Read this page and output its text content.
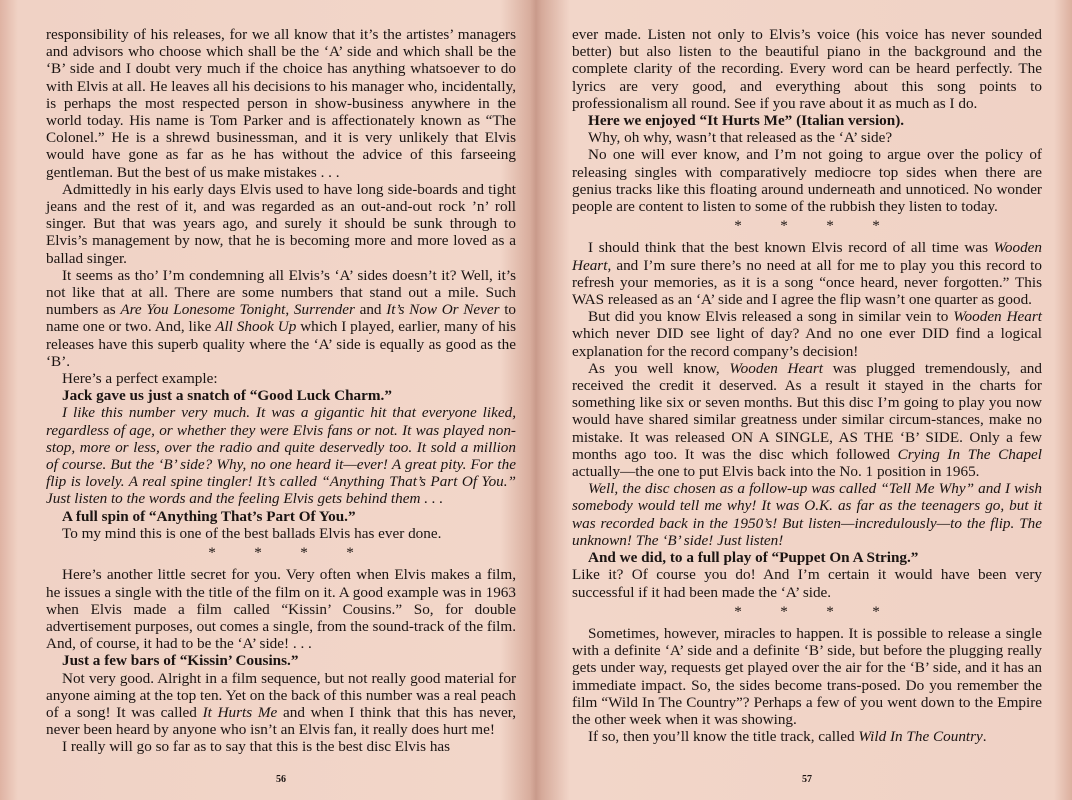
responsibility of his releases, for we all know that it’s the artistes’ managers and advisors who choose which shall be the ‘A’ side and which shall be the ‘B’ side and I doubt very much if the choice has anything whatsoever to do with Elvis at all. He leaves all his decisions to his manager who, incidentally, is perhaps the most respected person in show-business anywhere in the world today. His name is Tom Parker and is affectionately known as “The Colonel.” He is a shrewd businessman, and it is very unlikely that Elvis would have gone as far as he has without the advice of this farseeing gentleman. But the best of us make mistakes . . .

Admittedly in his early days Elvis used to have long side-boards and tight jeans and the rest of it, and was regarded as an out-and-out rock ’n’ roll singer. But that was years ago, and surely it should be sunk through to Elvis’s management by now, that he is becoming more and more loved as a ballad singer.

It seems as tho’ I’m condemning all Elvis’s ‘A’ sides doesn’t it? Well, it’s not like that at all. There are some numbers that stand out a mile. Such numbers as Are You Lonesome Tonight, Surrender and It’s Now Or Never to name one or two. And, like All Shook Up which I played, earlier, many of his releases have this superb quality where the ‘A’ side is equally as good as the ‘B’.

Here’s a perfect example:

Jack gave us just a snatch of “Good Luck Charm.”

I like this number very much. It was a gigantic hit that everyone liked, regardless of age, or whether they were Elvis fans or not. It was played non-stop, more or less, over the radio and quite deservedly too. It sold a million of course. But the ‘B’ side? Why, no one heard it—ever! A great pity. For the flip is lovely. A real spine tingler! It’s called “Anything That’s Part Of You.” Just listen to the words and the feeling Elvis gets behind them . . .

A full spin of “Anything That’s Part Of You.”

To my mind this is one of the best ballads Elvis has ever done.

*	*	*	*

Here’s another little secret for you. Very often when Elvis makes a film, he issues a single with the title of the film on it. A good example was in 1963 when Elvis made a film called “Kissin’ Cousins.” So, for double advertisement purposes, out comes a single, from the sound-track of the film. And, of course, it had to be the ‘A’ side! . . .

Just a few bars of “Kissin’ Cousins.”

Not very good. Alright in a film sequence, but not really good material for anyone aiming at the top ten. Yet on the back of this number was a real peach of a song! It was called It Hurts Me and when I think that this has never, never been heard by anyone who isn’t an Elvis fan, it really does hurt me!

I really will go so far as to say that this is the best disc Elvis has

56

ever made. Listen not only to Elvis’s voice (his voice has never sounded better) but also listen to the beautiful piano in the background and the complete clarity of the recording. Every word can be heard perfectly. The lyrics are very good, and everything about this song points to professionalism all round. See if you rave about it as much as I do.

Here we enjoyed “It Hurts Me” (Italian version).

Why, oh why, wasn’t that released as the ‘A’ side?

No one will ever know, and I’m not going to argue over the policy of releasing singles with comparatively mediocre top sides when there are genius tracks like this floating around underneath and unnoticed. No wonder people are content to listen to some of the rubbish they listen to today.

*	*	*	*

I should think that the best known Elvis record of all time was Wooden Heart, and I’m sure there’s no need at all for me to play you this record to refresh your memories, as it is a song “once heard, never forgotten.” This WAS released as an ‘A’ side and I agree the flip wasn’t one quarter as good.

But did you know Elvis released a song in similar vein to Wooden Heart which never DID see light of day? And no one ever DID find a logical explanation for the record company’s decision!

As you well know, Wooden Heart was plugged tremendously, and received the credit it deserved. As a result it stayed in the charts for something like six or seven months. But this disc I’m going to play you now would have shared similar greatness under similar circum-stances, make no mistake. It was released ON A SINGLE, AS THE ‘B’ SIDE. Only a few months ago too. It was the disc which followed Crying In The Chapel actually—the one to put Elvis back into the No. 1 position in 1965.

Well, the disc chosen as a follow-up was called “Tell Me Why” and I wish somebody would tell me why! It was O.K. as far as the teenagers go, but it was recorded back in the 1950’s! But listen—incredulously—to the flip. The unknown! The ‘B’ side! Just listen!

And we did, to a full play of “Puppet On A String.”

Like it? Of course you do! And I’m certain it would have been very successful if it had been made the ‘A’ side.

*	*	*	*

Sometimes, however, miracles to happen. It is possible to release a single with a definite ‘A’ side and a definite ‘B’ side, but before the plugging really gets under way, requests get played over the air for the ‘B’ side, and it has an immediate impact. So, the sides become trans-posed. Do you remember the film “Wild In The Country”? Perhaps a few of you went down to the Empire the other week when it was showing.

If so, then you’ll know the title track, called Wild In The Country.

57
